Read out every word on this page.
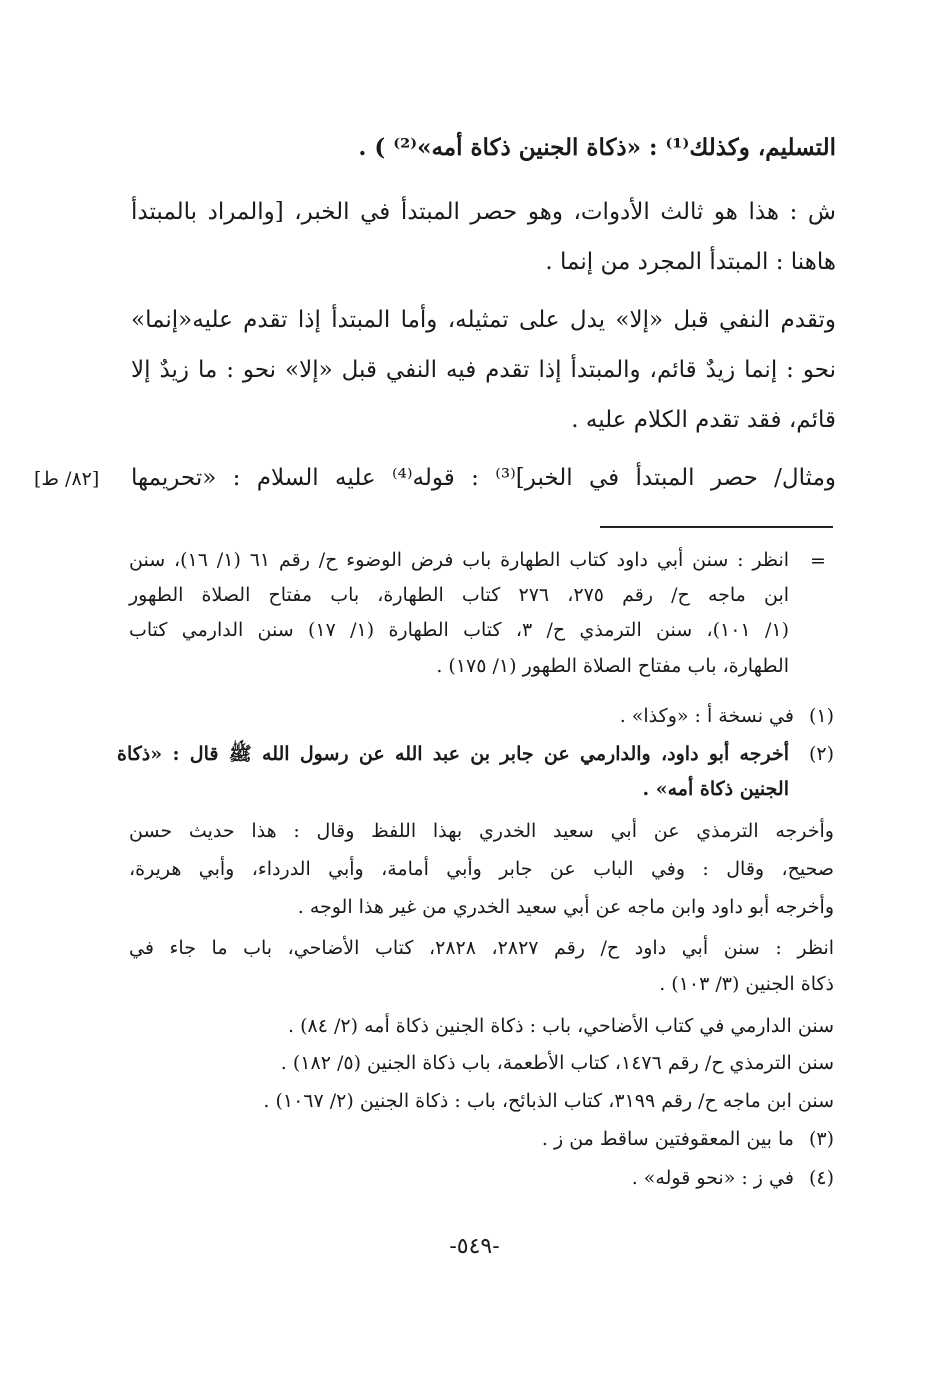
التسليم، وكذلك⁽¹⁾ : «ذكاة الجنين ذكاة أمه»⁽²⁾ ) .
ش : هذا هو ثالث الأدوات، وهو حصر المبتدأ في الخبر، [والمراد بالمبتدأ
هاهنا : المبتدأ المجرد من إنما .
وتقدم النفي قبل «إلا» يدل على تمثيله، وأما المبتدأ إذا تقدم عليه«إنما»
نحو : إنما زيدٌ قائم، والمبتدأ إذا تقدم فيه النفي قبل «إلا» نحو : ما زيدٌ إلا
قائم، فقد تقدم الكلام عليه .
ومثال/ حصر المبتدأ في الخبر]⁽³⁾ : قوله⁽⁴⁾ عليه السلام : «تحريمها
[٨٢/ ط]
=
انظر : سنن أبي داود كتاب الطهارة باب فرض الوضوء ح/ رقم ٦١ (١/ ١٦)، سنن
ابن ماجه ح/ رقم ٢٧٥، ٢٧٦ كتاب الطهارة، باب مفتاح الصلاة الطهور
(١/ ١٠١)، سنن الترمذي ح/ ٣، كتاب الطهارة (١/ ١٧) سنن الدارمي كتاب
الطهارة، باب مفتاح الصلاة الطهور (١/ ١٧٥) .
(١) في نسخة أ : «وكذا» .
(٢)
أخرجه أبو داود، والدارمي عن جابر بن عبد الله عن رسول الله ﷺ قال : «ذكاة
الجنين ذكاة أمه» .
وأخرجه الترمذي عن أبي سعيد الخدري بهذا اللفظ وقال : هذا حديث حسن
صحيح، وقال : وفي الباب عن جابر وأبي أمامة، وأبي الدرداء، وأبي هريرة،
وأخرجه أبو داود وابن ماجه عن أبي سعيد الخدري من غير هذا الوجه .
انظر : سنن أبي داود ح/ رقم ٢٨٢٧، ٢٨٢٨، كتاب الأضاحي، باب ما جاء في
ذكاة الجنين (٣/ ١٠٣) .
سنن الدارمي في كتاب الأضاحي، باب : ذكاة الجنين ذكاة أمه (٢/ ٨٤) .
سنن الترمذي ح/ رقم ١٤٧٦، كتاب الأطعمة، باب ذكاة الجنين (٥/ ١٨٢) .
سنن ابن ماجه ح/ رقم ٣١٩٩، كتاب الذبائح، باب : ذكاة الجنين (٢/ ١٠٦٧) .
(٣) ما بين المعقوفتين ساقط من ز .
(٤) في ز : «نحو قوله» .
-٥٤٩-
